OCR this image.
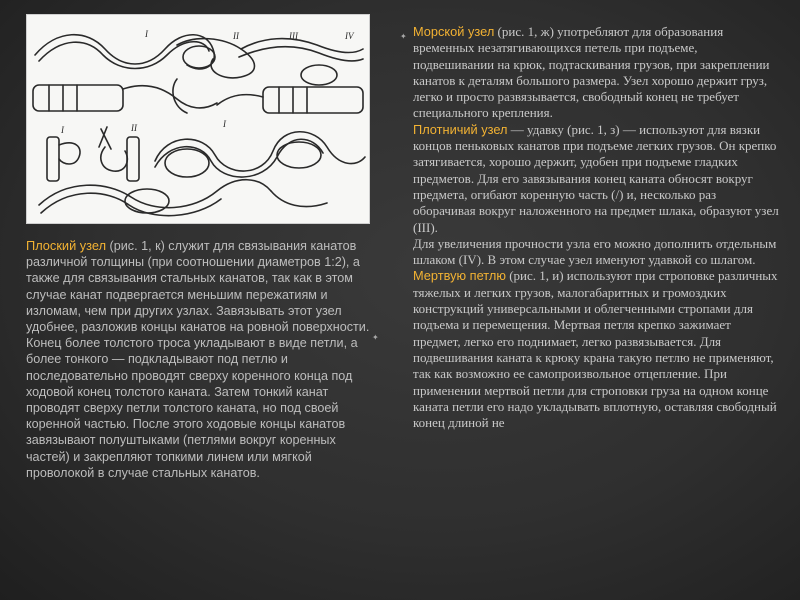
I	II	III	IV
II
I
I
✦
✦

Плоский узел (рис. 1, к) служит для связывания канатов различной толщины (при соотношении диаметров 1:2), а также для связывания стальных канатов, так как в этом случае канат подвергается меньшим пережатиям и изломам, чем при других узлах. Завязывать этот узел удобнее, разложив концы канатов на ровной поверхности. Конец более толстого троса укладывают в виде петли, а более тонкого — подкладывают под петлю и последовательно проводят сверху коренного конца под ходовой конец толстого каната. Затем тонкий канат проводят сверху петли толстого каната, но под своей коренной частью. После этого ходовые концы канатов завязывают полуштыками (петлями вокруг коренных частей) и закрепляют топкими линем или мягкой проволокой в случае стальных канатов.

Морской узел (рис. 1, ж) употребляют для образования временных незатягивающихся петель при подъеме, подвешивании на крюк, подтаскивания грузов, при закреплении канатов к деталям большого размера. Узел хорошо держит груз, легко и просто развязывается, свободный конец не требует специального крепления.
Плотничий узел — удавку (рис. 1, з) — используют для вязки концов пеньковых канатов при подъеме легких грузов. Он крепко затягивается, хорошо держит, удобен при подъеме гладких предметов. Для его завязывания конец каната обносят вокруг предмета, огибают коренную часть (/) и, несколько раз оборачивая вокруг наложенного на предмет шлака, образуют узел (III).
Для увеличения прочности узла его можно дополнить отдельным шлаком (IV). В этом случае узел именуют удавкой со шлагом.
Мертвую петлю (рис. 1, и) используют при строповке различных тяжелых и легких грузов, малогабаритных и громоздких конструкций универсальными и облегченными стропами для подъема и перемещения. Мертвая петля крепко зажимает предмет, легко его поднимает, легко развязывается. Для подвешивания каната к крюку крана такую петлю не применяют, так как возможно ее самопроизвольное отцепление. При применении мертвой петли для строповки груза на одном конце каната петли его надо укладывать вплотную, оставляя свободный конец длиной не
